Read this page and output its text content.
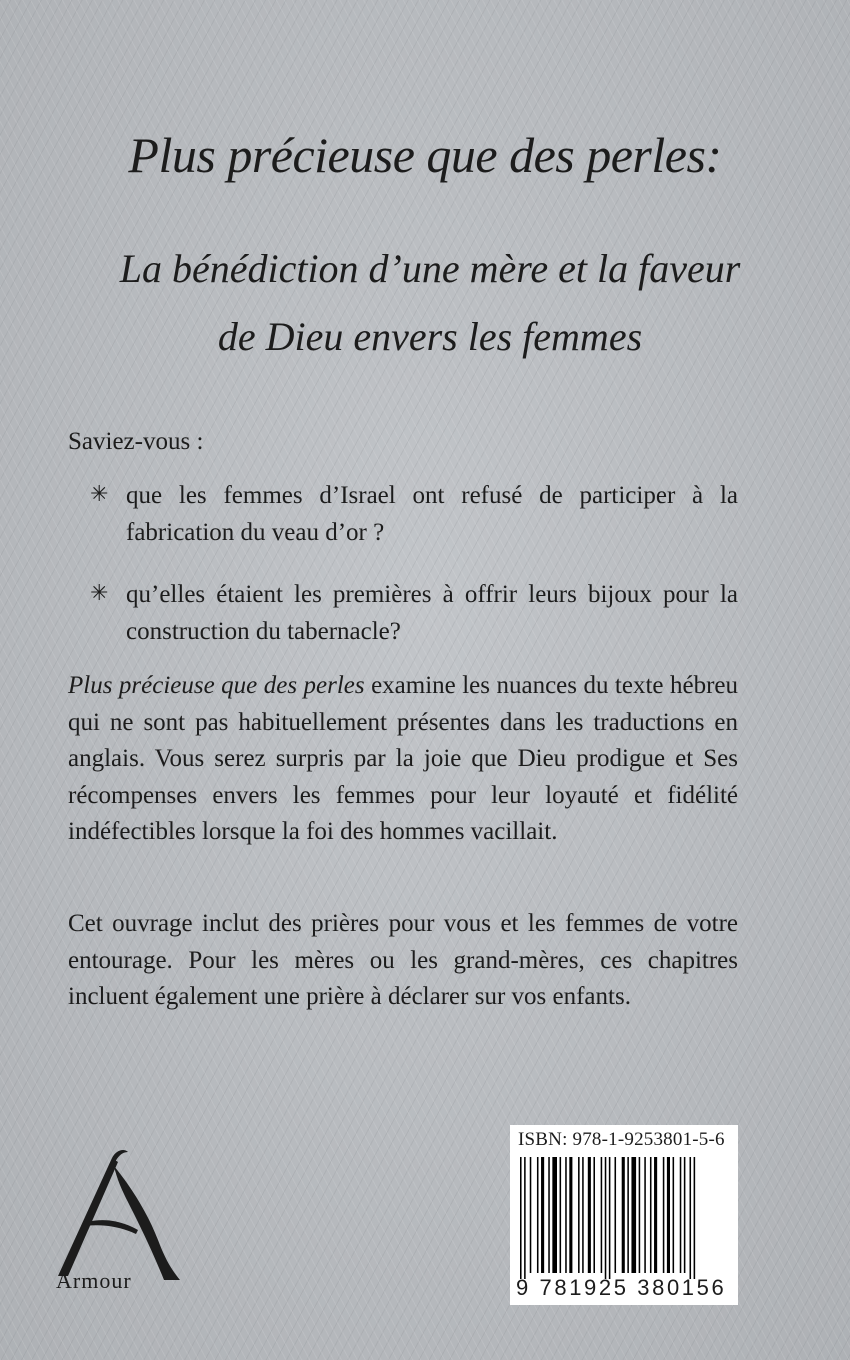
Plus précieuse que des perles:
La bénédiction d’une mère et la faveur
de Dieu envers les femmes
Saviez-vous :
✳ que les femmes d’Israel ont refusé de participer à la fabrication du veau d’or ?
✳ qu’elles étaient les premières à offrir leurs bijoux pour la construction du tabernacle?
Plus précieuse que des perles examine les nuances du texte hébreu qui ne sont pas habituellement présentes dans les traductions en anglais. Vous serez surpris par la joie que Dieu prodigue et Ses récompenses envers les femmes pour leur loyauté et fidélité indéfectibles lorsque la foi des hommes vacillait.
Cet ouvrage inclut des prières pour vous et les femmes de votre entourage. Pour les mères ou les grand-mères, ces chapitres incluent également une prière à déclarer sur vos enfants.
Armour
ISBN: 978-1-9253801-5-6
9 781925 380156
